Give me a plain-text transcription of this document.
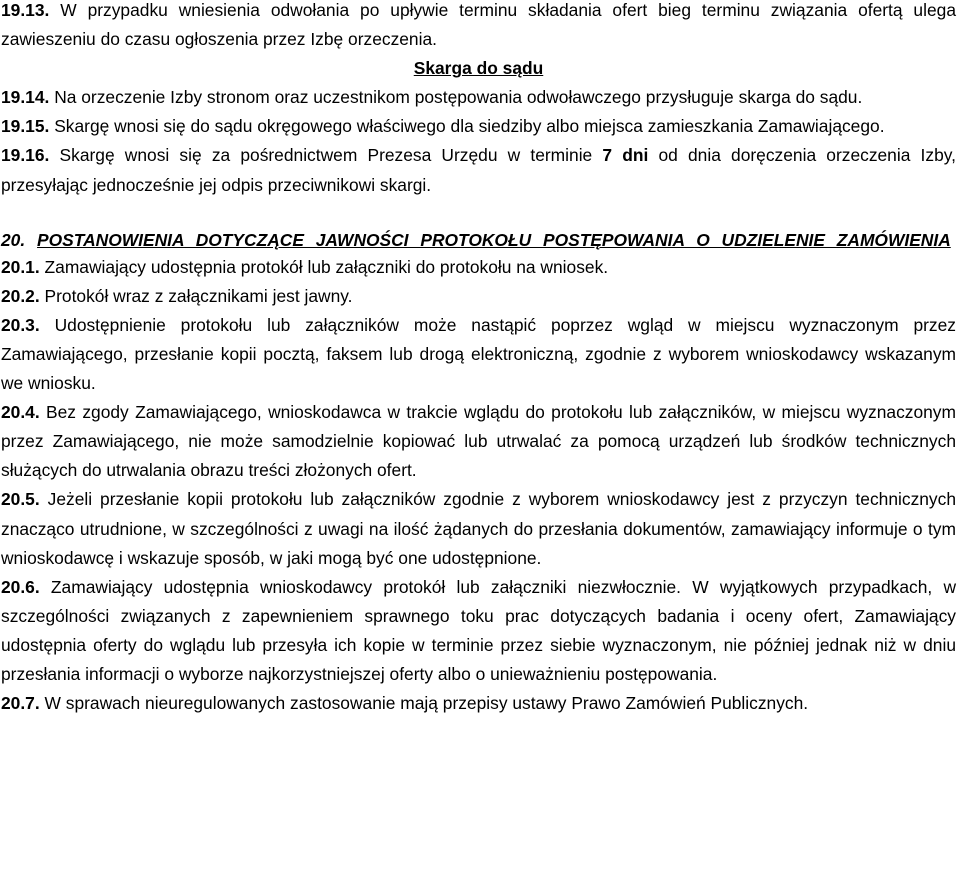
19.13. W przypadku wniesienia odwołania po upływie terminu składania ofert bieg terminu związania ofertą ulega zawieszeniu do czasu ogłoszenia przez Izbę orzeczenia.

Skarga do sądu

19.14. Na orzeczenie Izby stronom oraz uczestnikom postępowania odwoławczego przysługuje skarga do sądu.

19.15. Skargę wnosi się do sądu okręgowego właściwego dla siedziby albo miejsca zamieszkania Zamawiającego.

19.16. Skargę wnosi się za pośrednictwem Prezesa Urzędu w terminie 7 dni od dnia doręczenia orzeczenia Izby, przesyłając jednocześnie jej odpis przeciwnikowi skargi.

20. POSTANOWIENIA DOTYCZĄCE JAWNOŚCI PROTOKOŁU POSTĘPOWANIA O UDZIELENIE ZAMÓWIENIA

20.1. Zamawiający udostępnia protokół lub załączniki do protokołu na wniosek.

20.2. Protokół wraz z załącznikami jest jawny.

20.3. Udostępnienie protokołu lub załączników może nastąpić poprzez wgląd w miejscu wyznaczonym przez Zamawiającego, przesłanie kopii pocztą, faksem lub drogą elektroniczną, zgodnie z wyborem wnioskodawcy wskazanym we wniosku.

20.4. Bez zgody Zamawiającego, wnioskodawca w trakcie wglądu do protokołu lub załączników, w miejscu wyznaczonym przez Zamawiającego, nie może samodzielnie kopiować lub utrwalać za pomocą urządzeń lub środków technicznych służących do utrwalania obrazu treści złożonych ofert.

20.5. Jeżeli przesłanie kopii protokołu lub załączników zgodnie z wyborem wnioskodawcy jest z przyczyn technicznych znacząco utrudnione, w szczególności z uwagi na ilość żądanych do przesłania dokumentów, zamawiający informuje o tym wnioskodawcę i wskazuje sposób, w jaki mogą być one udostępnione.

20.6. Zamawiający udostępnia wnioskodawcy protokół lub załączniki niezwłocznie. W wyjątkowych przypadkach, w szczególności związanych z zapewnieniem sprawnego toku prac dotyczących badania i oceny ofert, Zamawiający udostępnia oferty do wglądu lub przesyła ich kopie w terminie przez siebie wyznaczonym, nie później jednak niż w dniu przesłania informacji o wyborze najkorzystniejszej oferty albo o unieważnieniu postępowania.

20.7. W sprawach nieuregulowanych zastosowanie mają przepisy ustawy Prawo Zamówień Publicznych.
